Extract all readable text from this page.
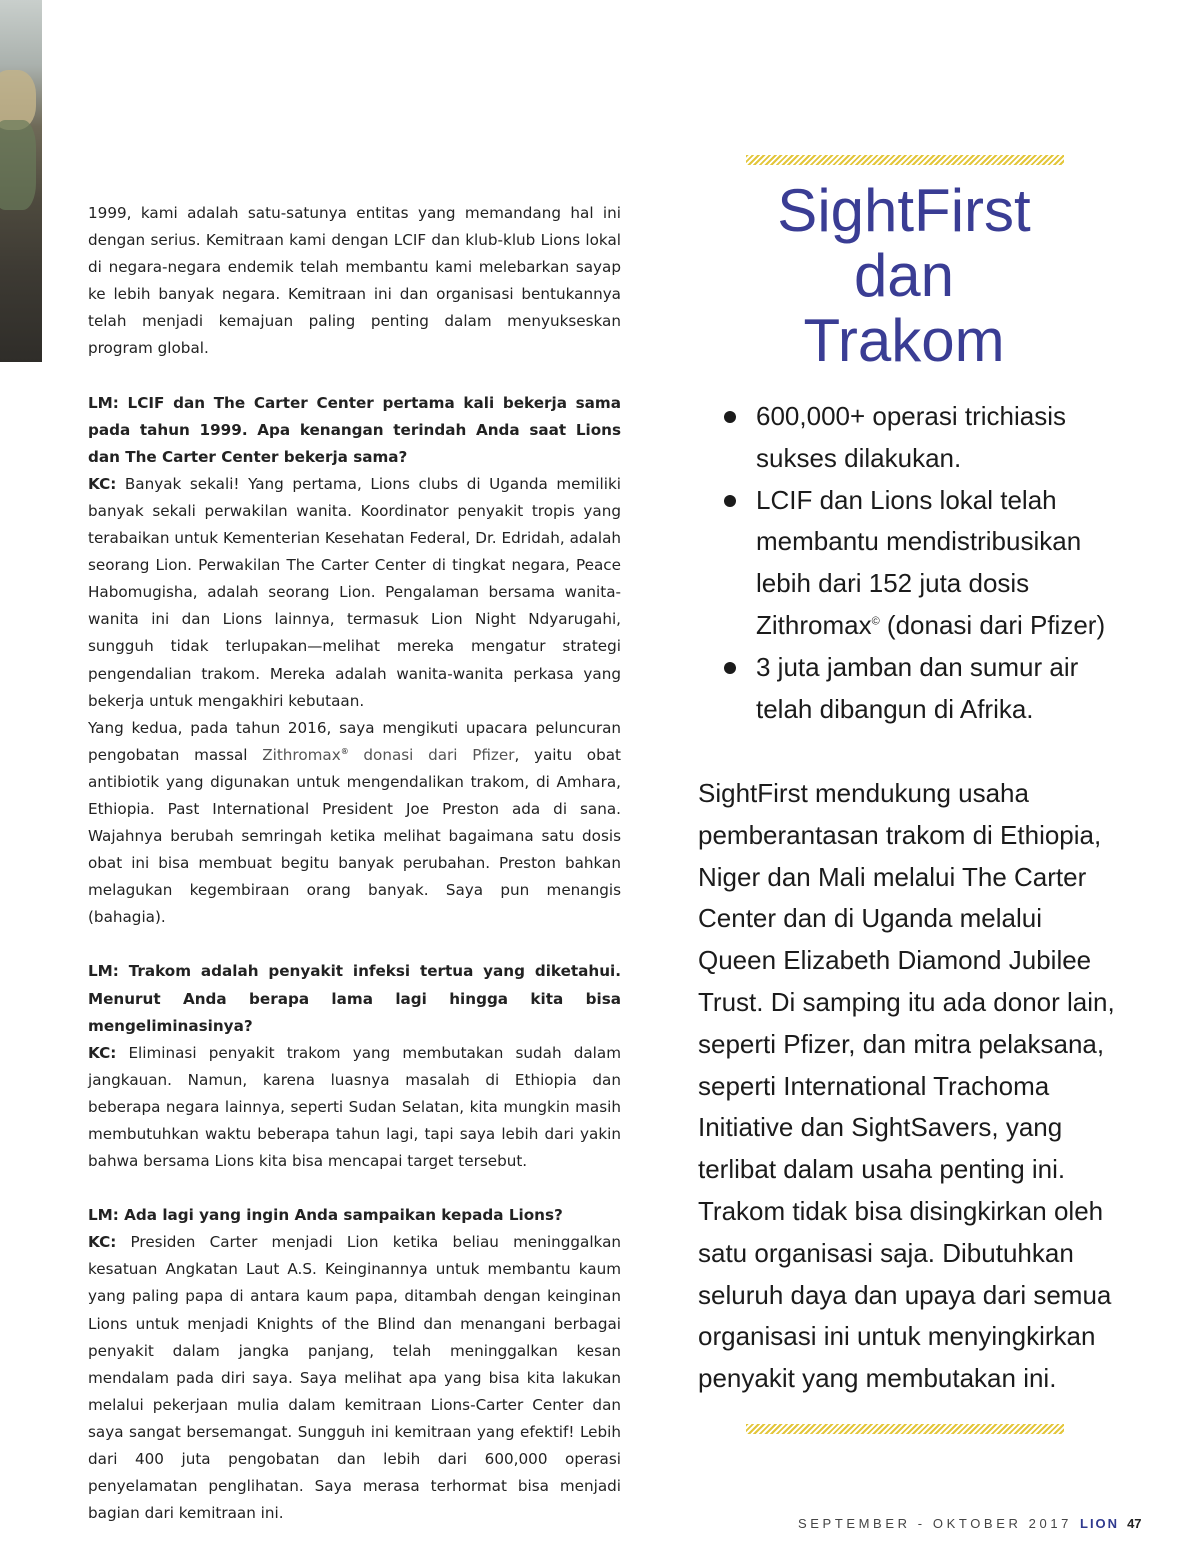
1999, kami adalah satu-satunya entitas yang memandang hal ini dengan serius. Kemitraan kami dengan LCIF dan klub-klub Lions lokal di negara-negara endemik telah membantu kami melebarkan sayap ke lebih banyak negara. Kemitraan ini dan organisasi bentukannya telah menjadi kemajuan paling penting dalam menyukseskan program global.

LM: LCIF dan The Carter Center pertama kali bekerja sama pada tahun 1999. Apa kenangan terindah Anda saat Lions dan The Carter Center bekerja sama?

KC: Banyak sekali! Yang pertama, Lions clubs di Uganda memiliki banyak sekali perwakilan wanita. Koordinator penyakit tropis yang terabaikan untuk Kementerian Kesehatan Federal, Dr. Edridah, adalah seorang Lion. Perwakilan The Carter Center di tingkat negara, Peace Habomugisha, adalah seorang Lion. Pengalaman bersama wanita-wanita ini dan Lions lainnya, termasuk Lion Night Ndyarugahi, sungguh tidak terlupakan—melihat mereka mengatur strategi pengendalian trakom. Mereka adalah wanita-wanita perkasa yang bekerja untuk mengakhiri kebutaan.

Yang kedua, pada tahun 2016, saya mengikuti upacara peluncuran pengobatan massal Zithromax® donasi dari Pfizer, yaitu obat antibiotik yang digunakan untuk mengendalikan trakom, di Amhara, Ethiopia. Past International President Joe Preston ada di sana. Wajahnya berubah semringah ketika melihat bagaimana satu dosis obat ini bisa membuat begitu banyak perubahan. Preston bahkan melagukan kegembiraan orang banyak. Saya pun menangis (bahagia).

LM: Trakom adalah penyakit infeksi tertua yang diketahui. Menurut Anda berapa lama lagi hingga kita bisa mengeliminasinya?

KC: Eliminasi penyakit trakom yang membutakan sudah dalam jangkauan. Namun, karena luasnya masalah di Ethiopia dan beberapa negara lainnya, seperti Sudan Selatan, kita mungkin masih membutuhkan waktu beberapa tahun lagi, tapi saya lebih dari yakin bahwa bersama Lions kita bisa mencapai target tersebut.

LM: Ada lagi yang ingin Anda sampaikan kepada Lions?

KC: Presiden Carter menjadi Lion ketika beliau meninggalkan kesatuan Angkatan Laut A.S. Keinginannya untuk membantu kaum yang paling papa di antara kaum papa, ditambah dengan keinginan Lions untuk menjadi Knights of the Blind dan menangani berbagai penyakit dalam jangka panjang, telah meninggalkan kesan mendalam pada diri saya. Saya melihat apa yang bisa kita lakukan melalui pekerjaan mulia dalam kemitraan Lions-Carter Center dan saya sangat bersemangat. Sungguh ini kemitraan yang efektif! Lebih dari 400 juta pengobatan dan lebih dari 600,000 operasi penyelamatan penglihatan. Saya merasa terhormat bisa menjadi bagian dari kemitraan ini.

SightFirst
dan
Trakom
600,000+ operasi trichiasis sukses dilakukan.
LCIF dan Lions lokal telah membantu mendistribusikan lebih dari 152 juta dosis Zithromax© (donasi dari Pfizer)
3 juta jamban dan sumur air telah dibangun di Afrika.

SightFirst mendukung usaha pemberantasan trakom di Ethiopia, Niger dan Mali melalui The Carter Center dan di Uganda melalui Queen Elizabeth Diamond Jubilee Trust. Di samping itu ada donor lain, seperti Pfizer, dan mitra pelaksana, seperti International Trachoma Initiative dan SightSavers, yang terlibat dalam usaha penting ini. Trakom tidak bisa disingkirkan oleh satu organisasi saja. Dibutuhkan seluruh daya dan upaya dari semua organisasi ini untuk menyingkirkan penyakit yang membutakan ini.

SEPTEMBER - OKTOBER 2017 LION 47
